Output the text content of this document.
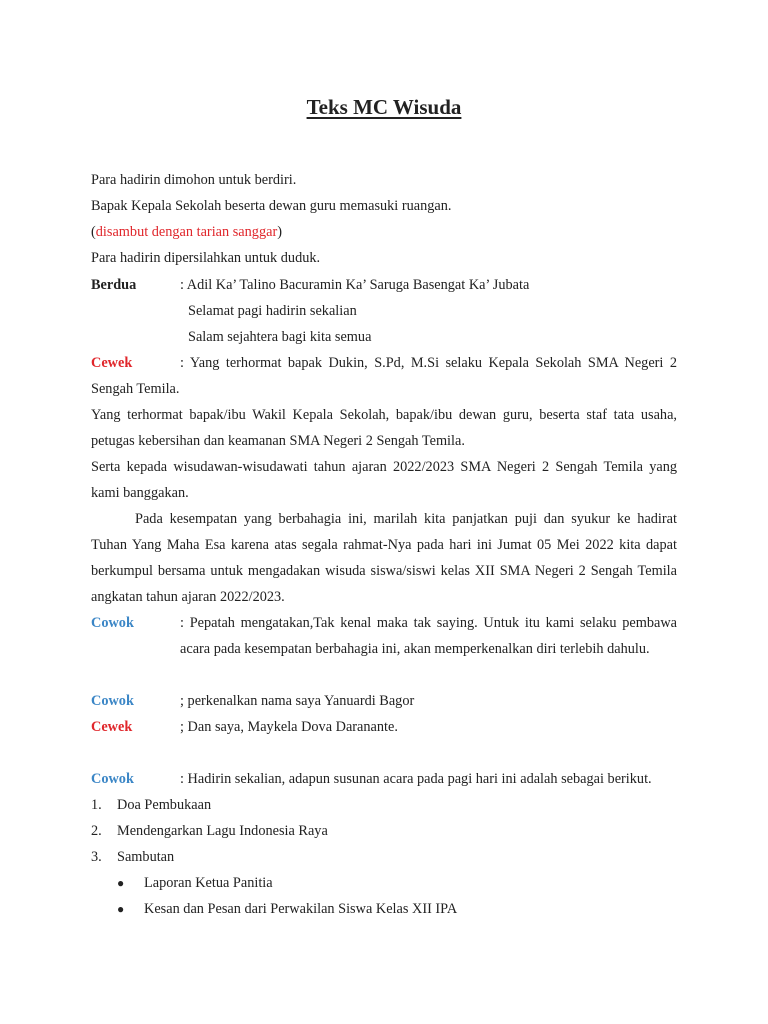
Teks MC Wisuda
Para hadirin dimohon untuk berdiri.
Bapak Kepala Sekolah beserta dewan guru memasuki ruangan.
(disambut dengan tarian sanggar)
Para hadirin dipersilahkan untuk duduk.
Berdua	: Adil Ka’ Talino Bacuramin Ka’ Saruga Basengat Ka’ Jubata
Selamat pagi hadirin sekalian
Salam sejahtera bagi kita semua
Cewek	: Yang terhormat bapak Dukin, S.Pd, M.Si selaku Kepala Sekolah SMA Negeri 2 Sengah Temila.
Yang terhormat bapak/ibu Wakil Kepala Sekolah, bapak/ibu dewan guru, beserta staf tata usaha, petugas kebersihan dan keamanan SMA Negeri 2 Sengah Temila.
Serta kepada wisudawan-wisudawati tahun ajaran 2022/2023 SMA Negeri 2 Sengah Temila yang kami banggakan.
Pada kesempatan yang berbahagia ini, marilah kita panjatkan puji dan syukur ke hadirat Tuhan Yang Maha Esa karena atas segala rahmat-Nya pada hari ini Jumat 05 Mei 2022 kita dapat berkumpul bersama untuk mengadakan wisuda siswa/siswi kelas XII SMA Negeri 2 Sengah Temila angkatan tahun ajaran 2022/2023.
Cowok	: Pepatah mengatakan,Tak kenal maka tak saying. Untuk itu kami selaku pembawa acara pada kesempatan berbahagia ini, akan memperkenalkan diri terlebih dahulu.
Cowok	; perkenalkan nama saya Yanuardi Bagor
Cewek	; Dan saya, Maykela Dova Daranante.
Cowok	: Hadirin sekalian, adapun susunan acara pada pagi hari ini adalah sebagai berikut.
1. Doa Pembukaan
2. Mendengarkan Lagu Indonesia Raya
3. Sambutan
● Laporan Ketua Panitia
● Kesan dan Pesan dari Perwakilan Siswa Kelas XII IPA
